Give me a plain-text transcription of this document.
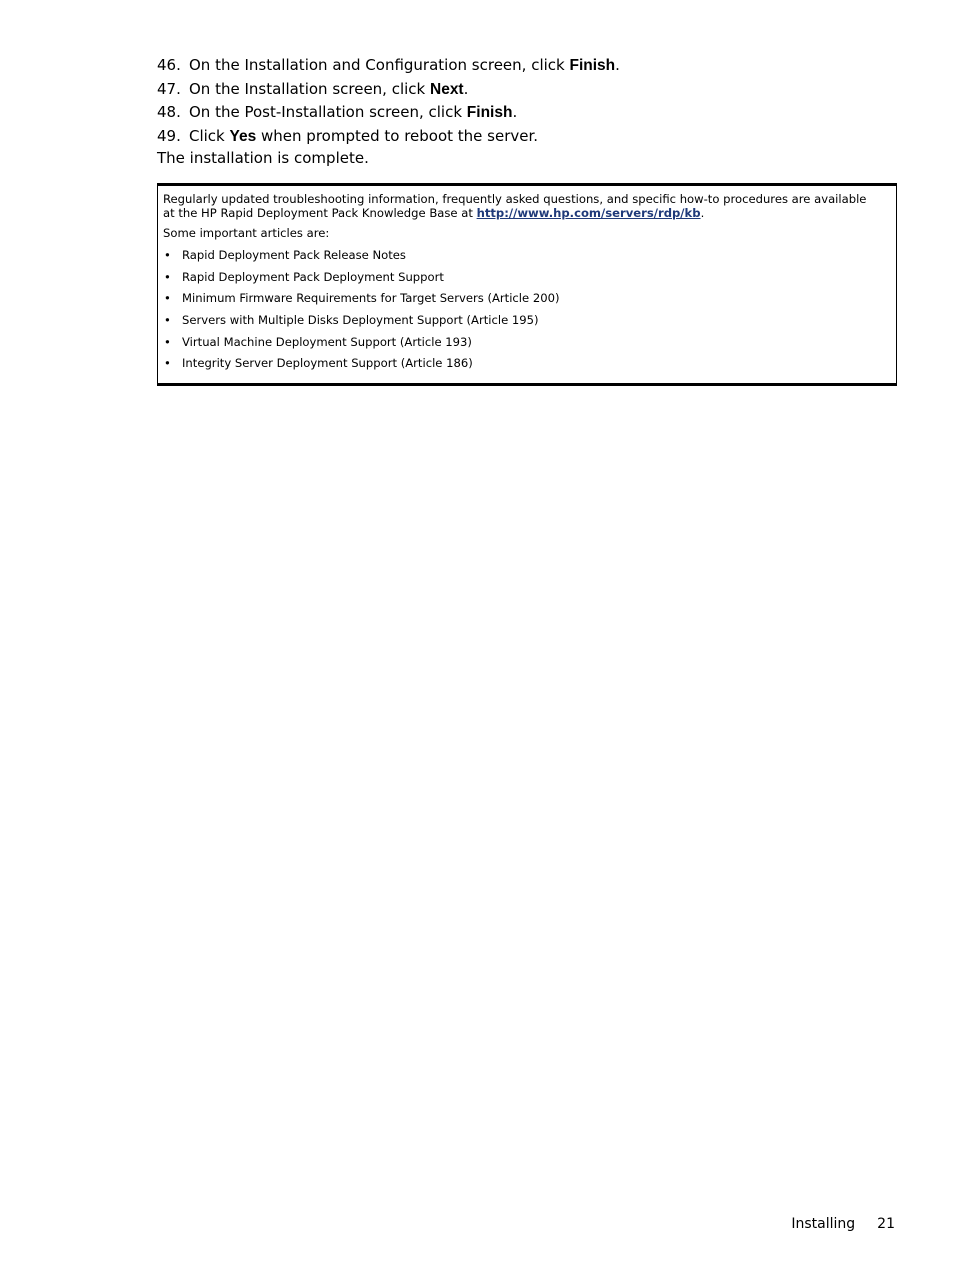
46. On the Installation and Configuration screen, click Finish.
47. On the Installation screen, click Next.
48. On the Post-Installation screen, click Finish.
49. Click Yes when prompted to reboot the server.

The installation is complete.

Regularly updated troubleshooting information, frequently asked questions, and specific how-to procedures are available at the HP Rapid Deployment Pack Knowledge Base at http://www.hp.com/servers/rdp/kb.

Some important articles are:

• Rapid Deployment Pack Release Notes
• Rapid Deployment Pack Deployment Support
• Minimum Firmware Requirements for Target Servers (Article 200)
• Servers with Multiple Disks Deployment Support (Article 195)
• Virtual Machine Deployment Support (Article 193)
• Integrity Server Deployment Support (Article 186)
Installing 21
